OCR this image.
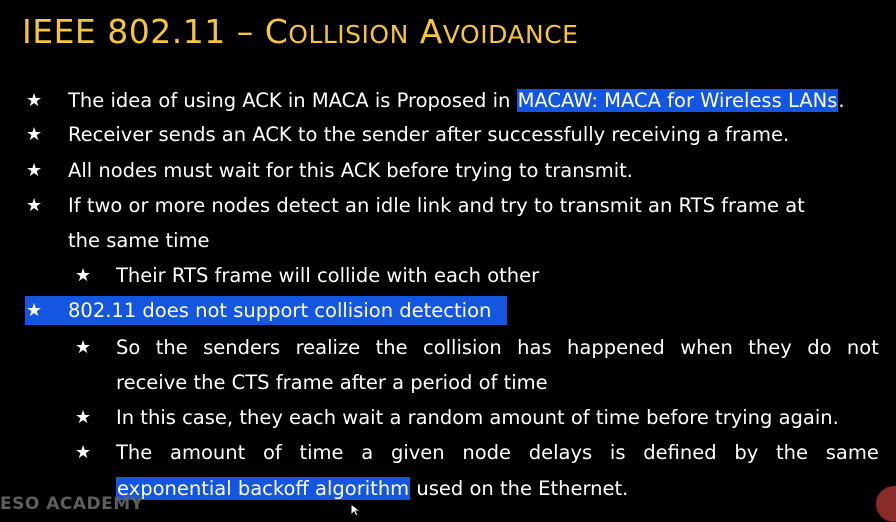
IEEE 802.11 – COLLISION AVOIDANCE
★ The idea of using ACK in MACA is Proposed in MACAW: MACA for Wireless LANs.
★ Receiver sends an ACK to the sender after successfully receiving a frame.
★ All nodes must wait for this ACK before trying to transmit.
★ If two or more nodes detect an idle link and try to transmit an RTS frame at
the same time
★ Their RTS frame will collide with each other
★ 802.11 does not support collision detection
★ So the senders realize the collision has happened when they do not
receive the CTS frame after a period of time
★ In this case, they each wait a random amount of time before trying again.
★ The amount of time a given node delays is defined by the same
exponential backoff algorithm used on the Ethernet.
ESO ACADEMY
